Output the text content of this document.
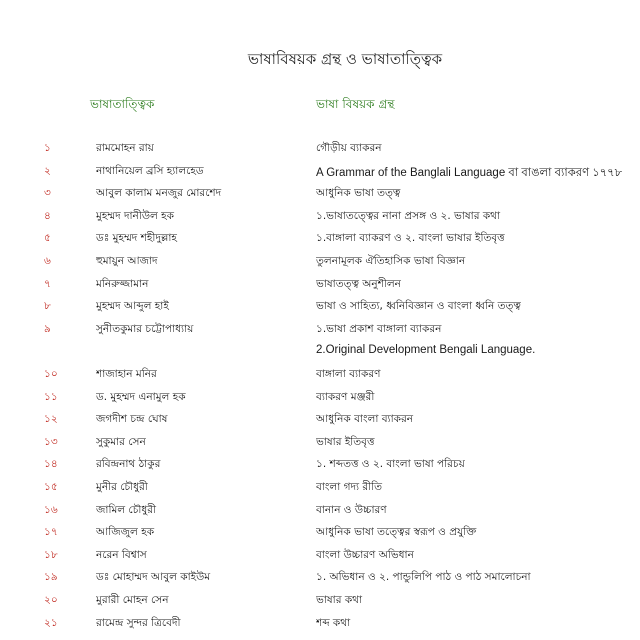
ভাষাবিষয়ক গ্রন্থ ও ভাষাতাত্ত্বিক
ভাষাতাত্ত্বিক	ভাষা বিষয়ক গ্রন্থ
১	রামমোহন রায়	গৌড়ীয় ব্যাকরন
২	নাথানিয়েল ব্রসি হ্যালহেড	A Grammar of the Banglali Language বা বাঙলা ব্যাকরণ ১৭৭৮
৩	আবুল কালাম মনজুর মোরশেদ	আধুনিক ভাষা তত্ত্ব
৪	মুহম্মদ দানীউল হক	১.ভাষাতত্ত্বের নানা প্রসঙ্গ ও ২. ভাষার কথা
৫	ডঃ মুহম্মদ শহীদুল্লাহ	১.বাঙ্গালা ব্যাকরণ ও ২. বাংলা ভাষার ইতিবৃত্ত
৬	হুমায়ুন আজাদ	তুলনামূলক ঐতিহাসিক ভাষা বিজ্ঞান
৭	মনিরুজ্জামান	ভাষাতত্ত্ব অনুশীলন
৮	মুহম্মদ আব্দুল হাই	ভাষা ও সাহিত্য, ধ্বনিবিজ্ঞান ও বাংলা ধ্বনি তত্ত্ব
৯	সুনীতকুমার চট্টোপাধ্যায়	১.ভাষা প্রকাশ বাঙ্গালা ব্যাকরন
2.Original Development Bengali Language.
১০	শাজাহান মনির	বাঙ্গালা ব্যাকরণ
১১	ড. মুহম্মদ এনামুল হক	ব্যাকরণ মঞ্জরী
১২	জগদীশ চন্দ্র ঘোষ	আধুনিক বাংলা ব্যাকরন
১৩	সুকুমার সেন	ভাষার ইতিবৃত্ত
১৪	রবিন্দ্রনাথ ঠাকুর	১. শব্দতত্ত ও ২. বাংলা ভাষা পরিচয়
১৫	মুনীর চৌধুরী	বাংলা গদ্য রীতি
১৬	জামিল চৌধুরী	বানান ও উচ্চারণ
১৭	আজিজুল হক	আধুনিক ভাষা তত্ত্বের স্বরূপ ও প্রযুক্তি
১৮	নরেন বিশ্বাস	বাংলা উচ্চারণ অভিধান
১৯	ডঃ মোহাম্মদ আবুল কাইউম	১. অভিধান ও ২. পান্ডুলিপি পাঠ ও পাঠ সমালোচনা
২০	মুরারী মোহন সেন	ভাষার কথা
২১	রামেন্দ্র সুন্দর ত্রিবেদী	শব্দ কথা
